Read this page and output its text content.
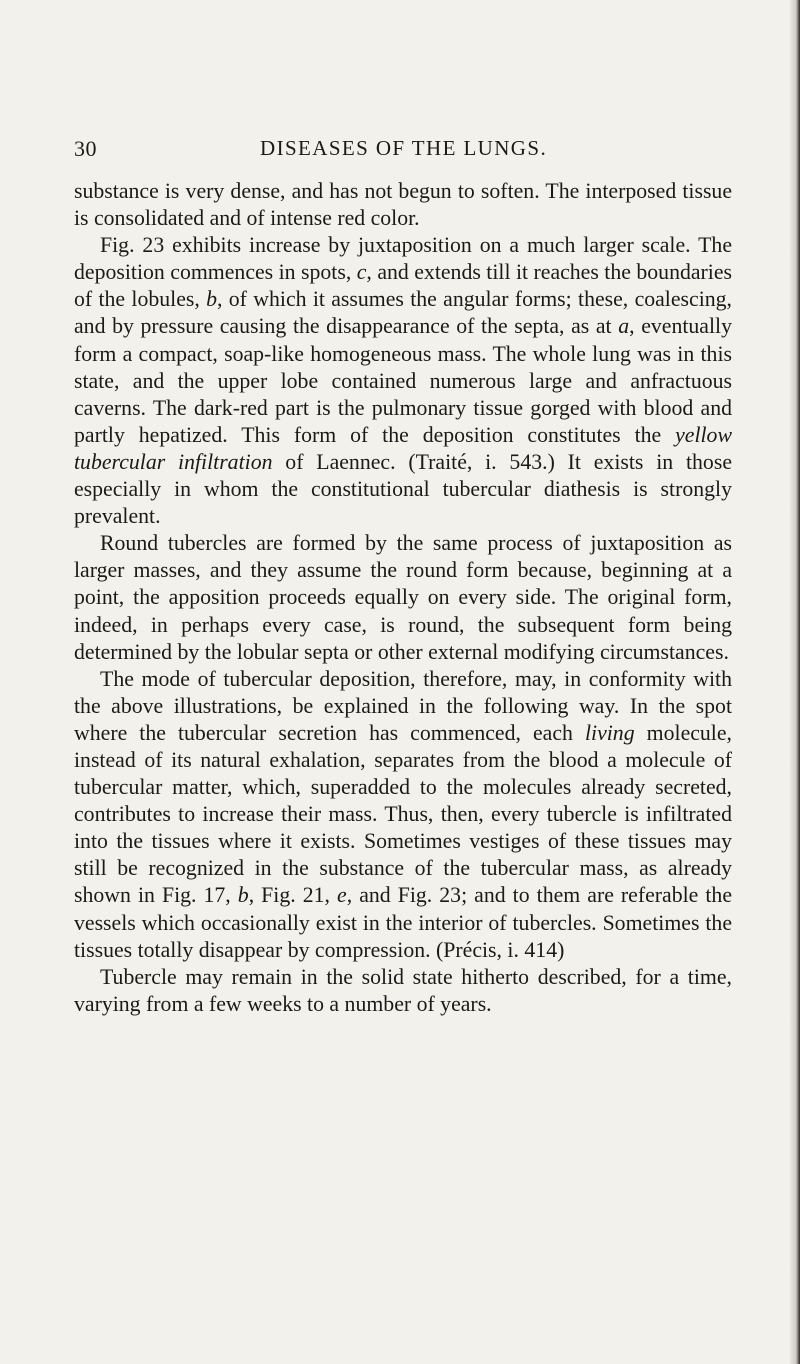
30	DISEASES OF THE LUNGS.

substance is very dense, and has not begun to soften. The interposed tissue is consolidated and of intense red color.

Fig. 23 exhibits increase by juxtaposition on a much larger scale. The deposition commences in spots, c, and extends till it reaches the boundaries of the lobules, b, of which it assumes the angular forms; these, coalescing, and by pressure causing the disappearance of the septa, as at a, eventually form a compact, soap-like homogeneous mass. The whole lung was in this state, and the upper lobe contained numerous large and anfractuous caverns. The dark-red part is the pulmonary tissue gorged with blood and partly hepatized. This form of the deposition constitutes the yellow tubercular infiltration of Laennec. (Traité, i. 543.) It exists in those especially in whom the constitutional tubercular diathesis is strongly prevalent.

Round tubercles are formed by the same process of juxtaposition as larger masses, and they assume the round form because, beginning at a point, the apposition proceeds equally on every side. The original form, indeed, in perhaps every case, is round, the subsequent form being determined by the lobular septa or other external modifying circumstances.

The mode of tubercular deposition, therefore, may, in conformity with the above illustrations, be explained in the following way. In the spot where the tubercular secretion has commenced, each living molecule, instead of its natural exhalation, separates from the blood a molecule of tubercular matter, which, superadded to the molecules already secreted, contributes to increase their mass. Thus, then, every tubercle is infiltrated into the tissues where it exists. Sometimes vestiges of these tissues may still be recognized in the substance of the tubercular mass, as already shown in Fig. 17, b, Fig. 21, e, and Fig. 23; and to them are referable the vessels which occasionally exist in the interior of tubercles. Sometimes the tissues totally disappear by compression. (Précis, i. 414)

Tubercle may remain in the solid state hitherto described, for a time, varying from a few weeks to a number of years.
